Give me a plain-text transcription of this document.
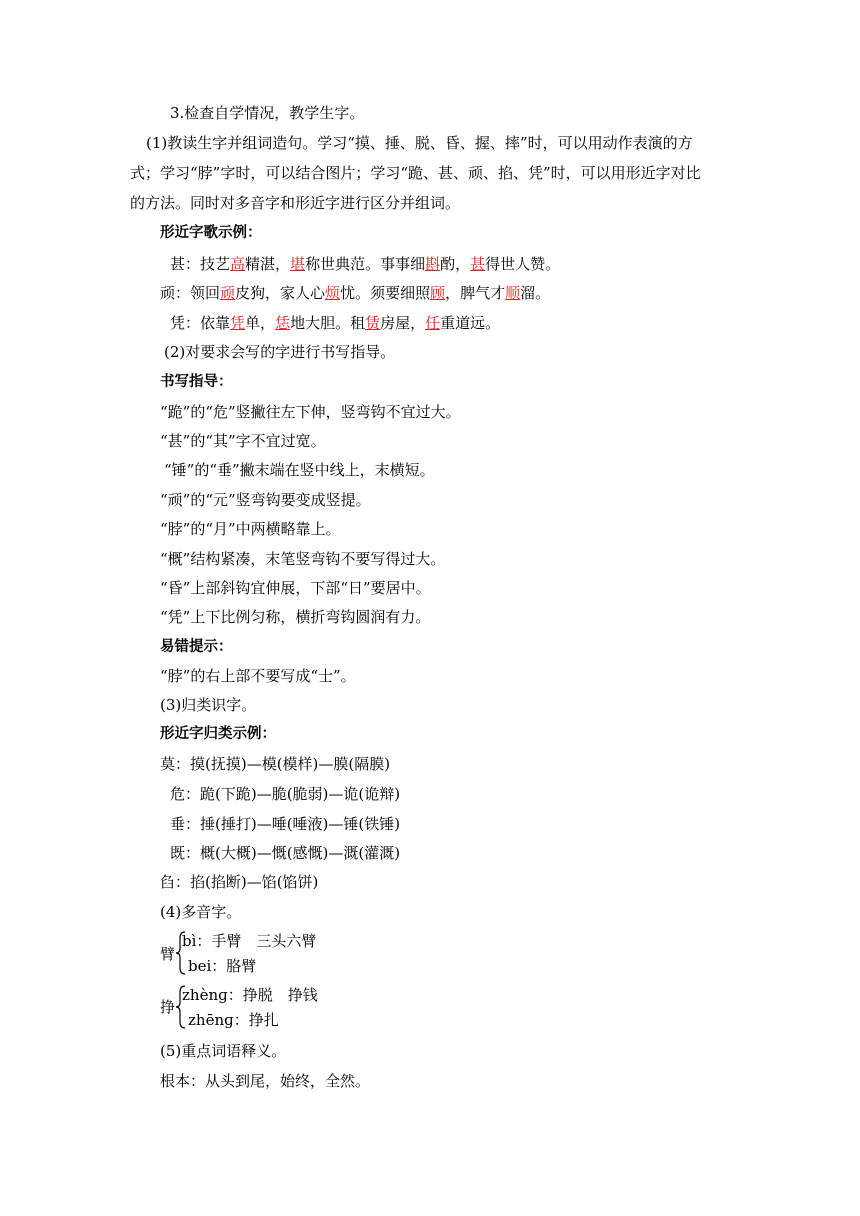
3.检查自学情况，教学生字。
(1)教读生字并组词造句。学习“摸、捶、脱、昏、握、摔”时，可以用动作表演的方
式；学习“脖”字时，可以结合图片；学习“跪、甚、顽、掐、凭”时，可以用形近字对比
的方法。同时对多音字和形近字进行区分并组词。
形近字歌示例：
甚：技艺高精湛，堪称世典范。事事细斟酌，甚得世人赞。
顽：领回顽皮狗，家人心烦忧。须要细照顾，脾气才顺溜。
凭：依靠凭单，恁地大胆。租赁房屋，任重道远。
(2)对要求会写的字进行书写指导。
书写指导：
“跪”的“危”竖撇往左下伸，竖弯钩不宜过大。
“甚”的“其”字不宜过宽。
“锤”的“垂”撇末端在竖中线上，末横短。
“顽”的“元”竖弯钩要变成竖提。
“脖”的“月”中两横略靠上。
“概”结构紧凑，末笔竖弯钩不要写得过大。
“昏”上部斜钩宜伸展，下部“日”要居中。
“凭”上下比例匀称，横折弯钩圆润有力。
易错提示：
“脖”的右上部不要写成“士”。
(3)归类识字。
形近字归类示例：
莫：摸(抚摸)—模(模样)—膜(隔膜)
危：跪(下跪)—脆(脆弱)—诡(诡辩)
垂：捶(捶打)—唾(唾液)—锤(铁锤)
既：概(大概)—慨(感慨)—溉(灌溉)
臽：掐(掐断)—馅(馅饼)
(4)多音字。
臂
bì：手臂　三头六臂
bei：胳臂
挣
zhènɡ：挣脱　挣钱
zhēnɡ：挣扎
(5)重点词语释义。
根本：从头到尾，始终，全然。
